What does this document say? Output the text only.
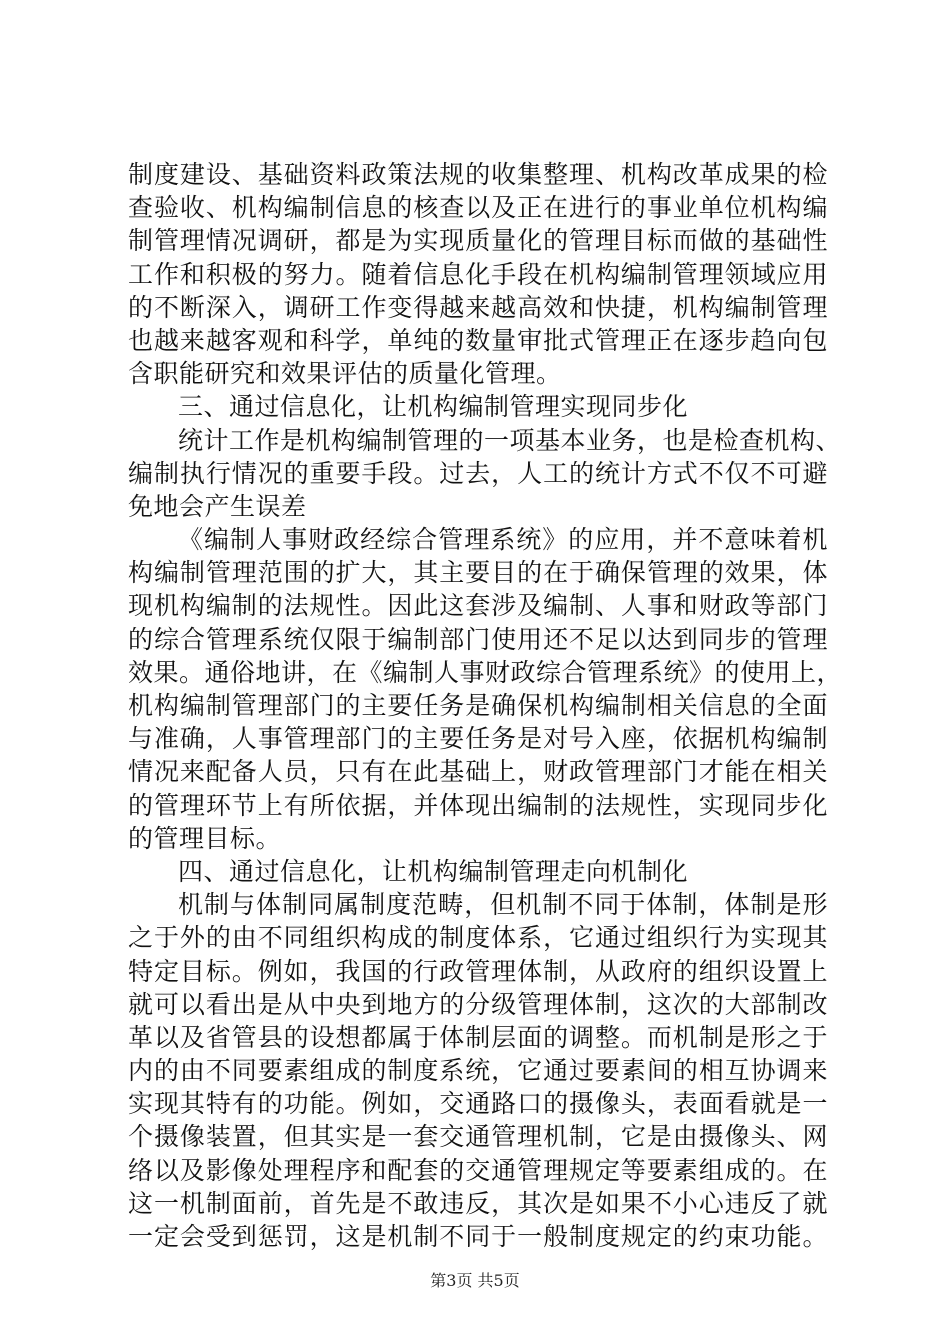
制度建设、基础资料政策法规的收集整理、机构改革成果的检
查验收、机构编制信息的核查以及正在进行的事业单位机构编
制管理情况调研，都是为实现质量化的管理目标而做的基础性
工作和积极的努力。随着信息化手段在机构编制管理领域应用
的不断深入，调研工作变得越来越高效和快捷，机构编制管理
也越来越客观和科学，单纯的数量审批式管理正在逐步趋向包
含职能研究和效果评估的质量化管理。
三、通过信息化，让机构编制管理实现同步化
统计工作是机构编制管理的一项基本业务，也是检查机构、
编制执行情况的重要手段。过去，人工的统计方式不仅不可避
免地会产生误差
《编制人事财政经综合管理系统》的应用，并不意味着机
构编制管理范围的扩大，其主要目的在于确保管理的效果，体
现机构编制的法规性。因此这套涉及编制、人事和财政等部门
的综合管理系统仅限于编制部门使用还不足以达到同步的管理
效果。通俗地讲，在《编制人事财政综合管理系统》的使用上，
机构编制管理部门的主要任务是确保机构编制相关信息的全面
与准确，人事管理部门的主要任务是对号入座，依据机构编制
情况来配备人员，只有在此基础上，财政管理部门才能在相关
的管理环节上有所依据，并体现出编制的法规性，实现同步化
的管理目标。
四、通过信息化，让机构编制管理走向机制化
机制与体制同属制度范畴，但机制不同于体制，体制是形
之于外的由不同组织构成的制度体系，它通过组织行为实现其
特定目标。例如，我国的行政管理体制，从政府的组织设置上
就可以看出是从中央到地方的分级管理体制，这次的大部制改
革以及省管县的设想都属于体制层面的调整。而机制是形之于
内的由不同要素组成的制度系统，它通过要素间的相互协调来
实现其特有的功能。例如，交通路口的摄像头，表面看就是一
个摄像装置，但其实是一套交通管理机制，它是由摄像头、网
络以及影像处理程序和配套的交通管理规定等要素组成的。在
这一机制面前，首先是不敢违反，其次是如果不小心违反了就
一定会受到惩罚，这是机制不同于一般制度规定的约束功能。
第3页 共5页
